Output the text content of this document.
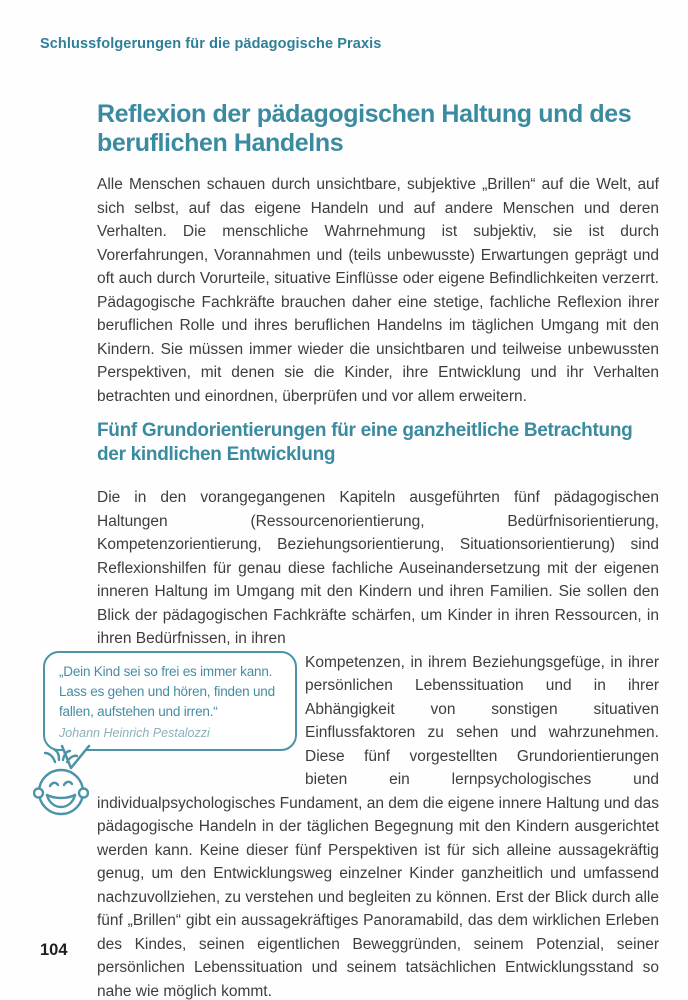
Schlussfolgerungen für die pädagogische Praxis
Reflexion der pädagogischen Haltung und des
beruflichen Handelns

Alle Menschen schauen durch unsichtbare, subjektive „Brillen“ auf die Welt, auf sich selbst, auf das eigene Handeln und auf andere Menschen und deren Verhalten. Die menschliche Wahrnehmung ist subjektiv, sie ist durch Vorerfahrungen, Vorannahmen und (teils unbewusste) Erwartungen geprägt und oft auch durch Vorurteile, situative Einflüsse oder eigene Befindlichkeiten verzerrt. Pädagogische Fachkräfte brauchen daher eine stetige, fachliche Reflexion ihrer beruflichen Rolle und ihres beruflichen Handelns im täglichen Umgang mit den Kindern. Sie müssen immer wieder die unsichtbaren und teilweise unbewussten Perspektiven, mit denen sie die Kinder, ihre Entwicklung und ihr Verhalten betrachten und einordnen, überprüfen und vor allem erweitern.

Fünf Grundorientierungen für eine ganzheitliche Betrachtung
der kindlichen Entwicklung

Die in den vorangegangenen Kapiteln ausgeführten fünf pädagogischen Haltungen (Ressourcenorientierung, Bedürfnisorientierung, Kompetenzorientierung, Beziehungsorientierung, Situationsorientierung) sind Reflexionshilfen für genau diese fachliche Auseinandersetzung mit der eigenen inneren Haltung im Umgang mit den Kindern und ihren Familien. Sie sollen den Blick der pädagogischen Fachkräfte schärfen, um Kinder in ihren Ressourcen, in ihren Bedürfnissen, in ihren

„Dein Kind sei so frei es immer kann. Lass es gehen und hören, finden und fallen, aufstehen und irren.“
Johann Heinrich Pestalozzi

Kompetenzen, in ihrem Beziehungsgefüge, in ihrer persönlichen Lebenssituation und in ihrer Abhängigkeit von sonstigen situativen Einflussfaktoren zu sehen und wahrzunehmen. Diese fünf vorgestellten Grundorientierungen bieten ein lernpsychologisches und individualpsychologisches Fundament, an dem die eigene innere Haltung und das pädagogische Handeln in der täglichen Begegnung mit den Kindern ausgerichtet werden kann. Keine dieser fünf Perspektiven ist für sich alleine aussagekräftig genug, um den Entwicklungsweg einzelner Kinder ganzheitlich und umfassend nachzuvollziehen, zu verstehen und begleiten zu können. Erst der Blick durch alle fünf „Brillen“ gibt ein aussagekräftiges Panoramabild, das dem wirklichen Erleben des Kindes, seinen eigentlichen Beweggründen, seinem Potenzial, seiner persönlichen Lebenssituation und seinem tatsächlichen Entwicklungsstand so nahe wie möglich kommt.

104
